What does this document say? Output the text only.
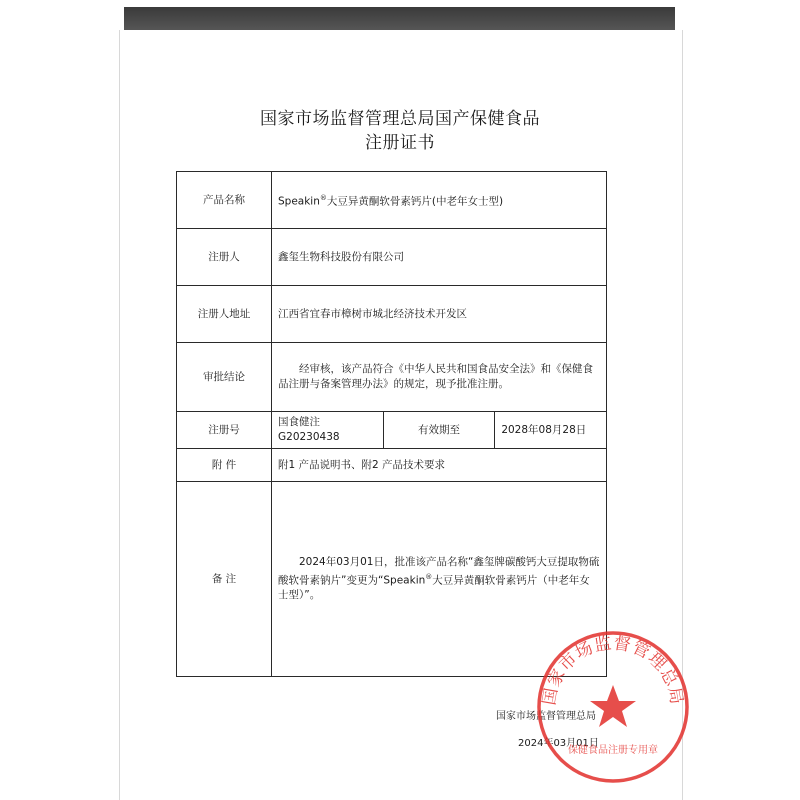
国家市场监督管理总局国产保健食品
注册证书
产品名称	Speakin®大豆异黄酮软骨素钙片(中老年女士型)		
注册人	鑫玺生物科技股份有限公司		
注册人地址	江西省宜春市樟树市城北经济技术开发区		
审批结论	经审核，该产品符合《中华人民共和国食品安全法》和《保健食品注册与备案管理办法》的规定，现予批准注册。		
注册号	国食健注G20230438	有效期至	2028年08月28日
附 件	附1 产品说明书、附2 产品技术要求		
备 注	2024年03月01日，批准该产品名称“鑫玺牌碳酸钙大豆提取物硫酸软骨素钠片”变更为“Speakin®大豆异黄酮软骨素钙片（中老年女士型）”。		
国家市场监督管理总局
2024年03月01日
国家市场监督管理总局
保健食品注册专用章
